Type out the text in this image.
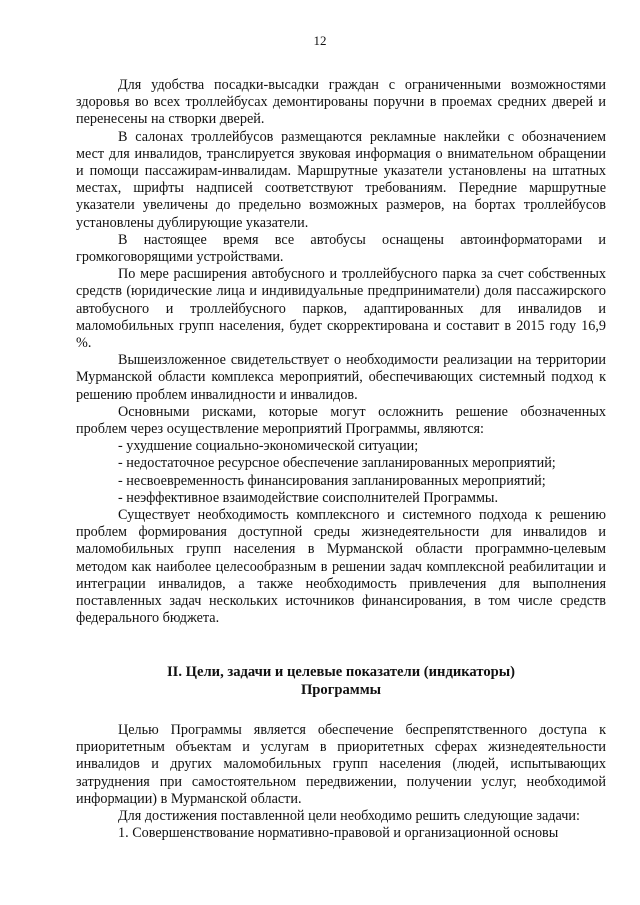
12

Для удобства посадки-высадки граждан с ограниченными возможностями здоровья во всех троллейбусах демонтированы поручни в проемах средних дверей и перенесены на створки дверей.

В салонах троллейбусов размещаются рекламные наклейки с обозначением мест для инвалидов, транслируется звуковая информация о внимательном обращении и помощи пассажирам-инвалидам. Маршрутные указатели установлены на штатных местах, шрифты надписей соответствуют требованиям. Передние маршрутные указатели увеличены до предельно возможных размеров, на бортах троллейбусов установлены дублирующие указатели.

В настоящее время все автобусы оснащены автоинформаторами и громкоговорящими устройствами.

По мере расширения автобусного и троллейбусного парка за счет собственных средств (юридические лица и индивидуальные предприниматели) доля пассажирского автобусного и троллейбусного парков, адаптированных для инвалидов и маломобильных групп населения, будет скорректирована и составит в 2015 году 16,9 %.

Вышеизложенное свидетельствует о необходимости реализации на территории Мурманской области комплекса мероприятий, обеспечивающих системный подход к решению проблем инвалидности и инвалидов.

Основными рисками, которые могут осложнить решение обозначенных проблем через осуществление мероприятий Программы, являются:

- ухудшение социально-экономической ситуации;

- недостаточное ресурсное обеспечение запланированных мероприятий;

- несвоевременность финансирования запланированных мероприятий;

- неэффективное взаимодействие соисполнителей Программы.

Существует необходимость комплексного и системного подхода к решению проблем формирования доступной среды жизнедеятельности для инвалидов и маломобильных групп населения в Мурманской области программно-целевым методом как наиболее целесообразным в решении задач комплексной реабилитации и интеграции инвалидов, а также необходимость привлечения для выполнения поставленных задач нескольких источников финансирования, в том числе средств федерального бюджета.

II. Цели, задачи и целевые показатели (индикаторы)
Программы

Целью Программы является обеспечение беспрепятственного доступа к приоритетным объектам и услугам в приоритетных сферах жизнедеятельности инвалидов и других маломобильных групп населения (людей, испытывающих затруднения при самостоятельном передвижении, получении услуг, необходимой информации) в Мурманской области.

Для достижения поставленной цели необходимо решить следующие задачи:

1. Совершенствование нормативно-правовой и организационной основы
